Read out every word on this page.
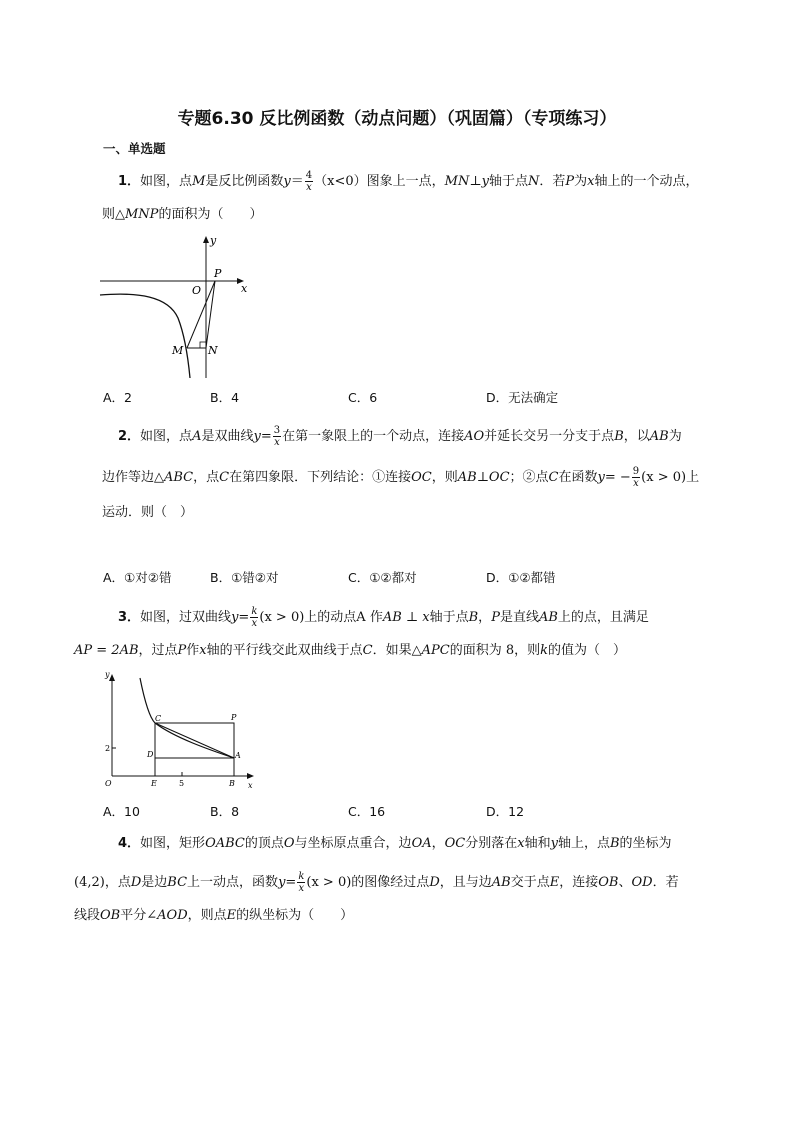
专题6.30 反比例函数（动点问题）（巩固篇）（专项练习）
一、单选题
1．如图，点M是反比例函数$y= \frac{4}{x} (x<0)$图象上一点，MN⊥y轴于点N．若P为x轴上的一个动点，
则△MNP的面积为（　　）
y
x
O
P
M N
A．2	B．4	C．6	D．无法确定
2．如图，点A是双曲线$y= \frac{3}{x}$ 在第一象限上的一个动点，连接AO并延长交另一分支于点B，以AB为
边作等边△ABC，点C在第四象限．下列结论：①连接OC，则AB⊥OC；②点C在函数$y= - \frac{9}{x} (x > 0)$上
运动．则（　）
A．①对②错	B．①错②对	C．①②都对	D．①②都错
3．如图，过双曲线$y= \frac{k}{x} (x > 0)$上的动点A 作AB ⊥ x轴于点B，P是直线AB上的点，且满足
AP = 2AB，过点P作x轴的平行线交此双曲线于点C．如果△APC的面积为 8，则k的值为（　）
y
x
O
C	P
D	A
E	B
2
5
A．10	B．8	C．16	D．12
4．如图，矩形OABC的顶点O与坐标原点重合，边OA，OC分别落在x轴和y轴上，点B的坐标为
(4,2)，点D是边BC上一动点，函数$y= \frac{k}{x} (x > 0)$的图像经过点D，且与边AB交于点E，连接OB、OD．若
线段OB平分∠AOD，则点E的纵坐标为（　　）
